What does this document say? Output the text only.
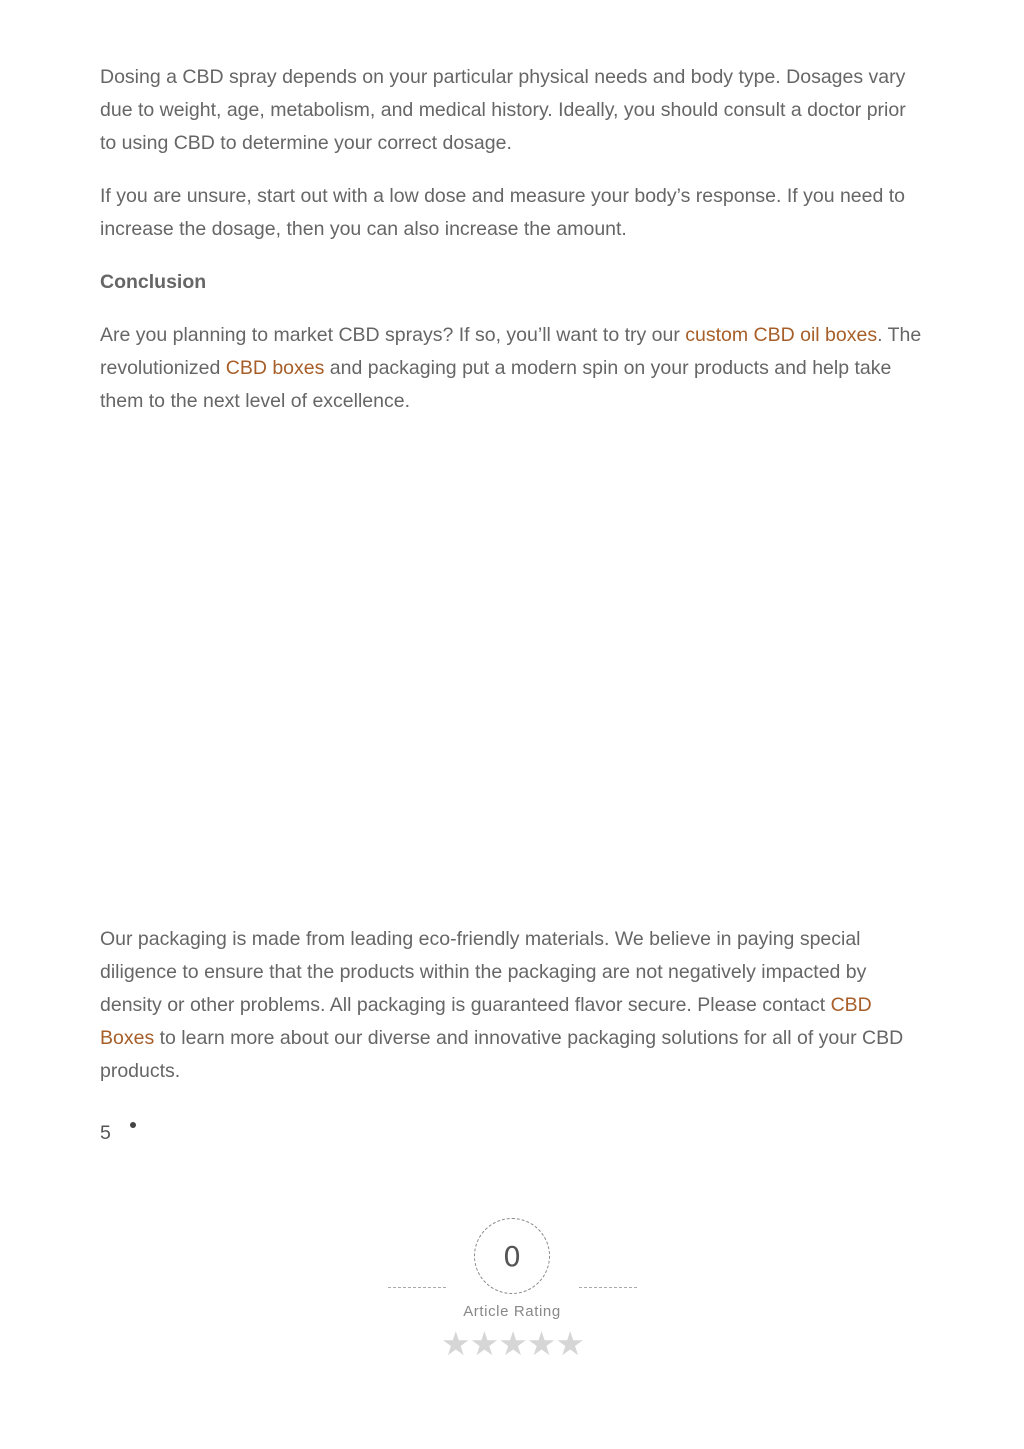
Dosing a CBD spray depends on your particular physical needs and body type. Dosages vary due to weight, age, metabolism, and medical history. Ideally, you should consult a doctor prior to using CBD to determine your correct dosage.

If you are unsure, start out with a low dose and measure your body’s response. If you need to increase the dosage, then you can also increase the amount.

Conclusion

Are you planning to market CBD sprays? If so, you’ll want to try our custom CBD oil boxes. The revolutionized CBD boxes and packaging put a modern spin on your products and help take them to the next level of excellence.

Our packaging is made from leading eco-friendly materials. We believe in paying special diligence to ensure that the products within the packaging are not negatively impacted by density or other problems. All packaging is guaranteed flavor secure. Please contact CBD Boxes to learn more about our diverse and innovative packaging solutions for all of your CBD products.

5
0
Article Rating
★ ★ ★ ★ ★
